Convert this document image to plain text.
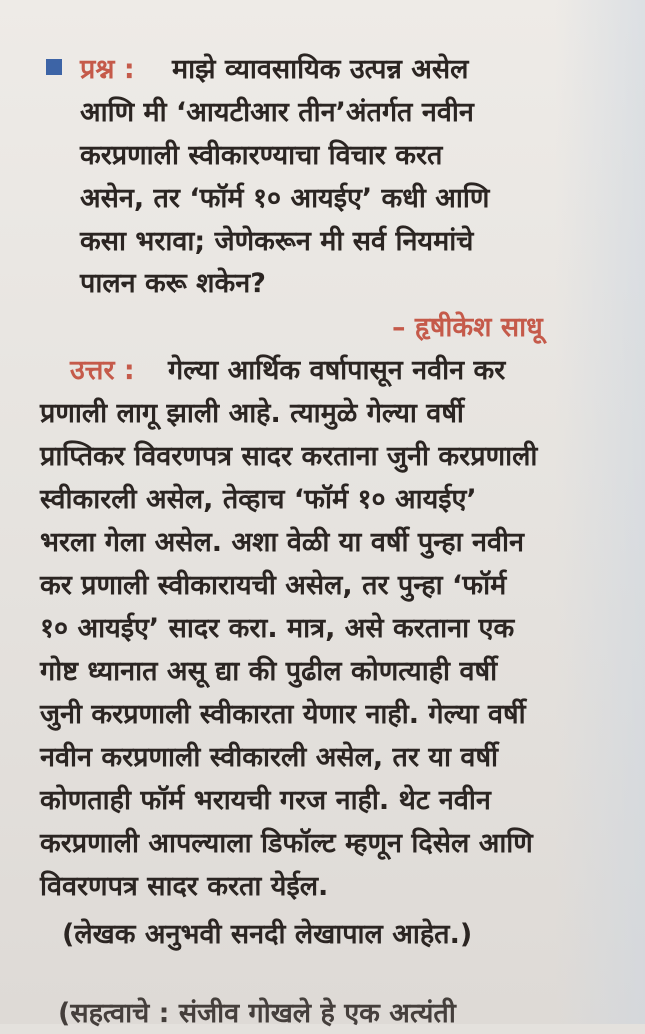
प्रश्न : माझे व्यावसायिक उत्पन्न असेल
आणि मी ‘आयटीआर तीन’अंतर्गत नवीन
करप्रणाली स्वीकारण्याचा विचार करत
असेन, तर ‘फॉर्म १० आयईए’ कधी आणि
कसा भरावा; जेणेकरून मी सर्व नियमांचे
पालन करू शकेन?
– हृषीकेश साधू
उत्तर : गेल्या आर्थिक वर्षापासून नवीन कर
प्रणाली लागू झाली आहे. त्यामुळे गेल्या वर्षी
प्राप्तिकर विवरणपत्र सादर करताना जुनी करप्रणाली
स्वीकारली असेल, तेव्हाच ‘फॉर्म १० आयईए’
भरला गेला असेल. अशा वेळी या वर्षी पुन्हा नवीन
कर प्रणाली स्वीकारायची असेल, तर पुन्हा ‘फॉर्म
१० आयईए’ सादर करा. मात्र, असे करताना एक
गोष्ट ध्यानात असू द्या की पुढील कोणत्याही वर्षी
जुनी करप्रणाली स्वीकारता येणार नाही. गेल्या वर्षी
नवीन करप्रणाली स्वीकारली असेल, तर या वर्षी
कोणताही फॉर्म भरायची गरज नाही. थेट नवीन
करप्रणाली आपल्याला डिफॉल्ट म्हणून दिसेल आणि
विवरणपत्र सादर करता येईल.
(लेखक अनुभवी सनदी लेखापाल आहेत.)
(सहत्वाचे : संजीव गोखले हे एक अत्यंती
